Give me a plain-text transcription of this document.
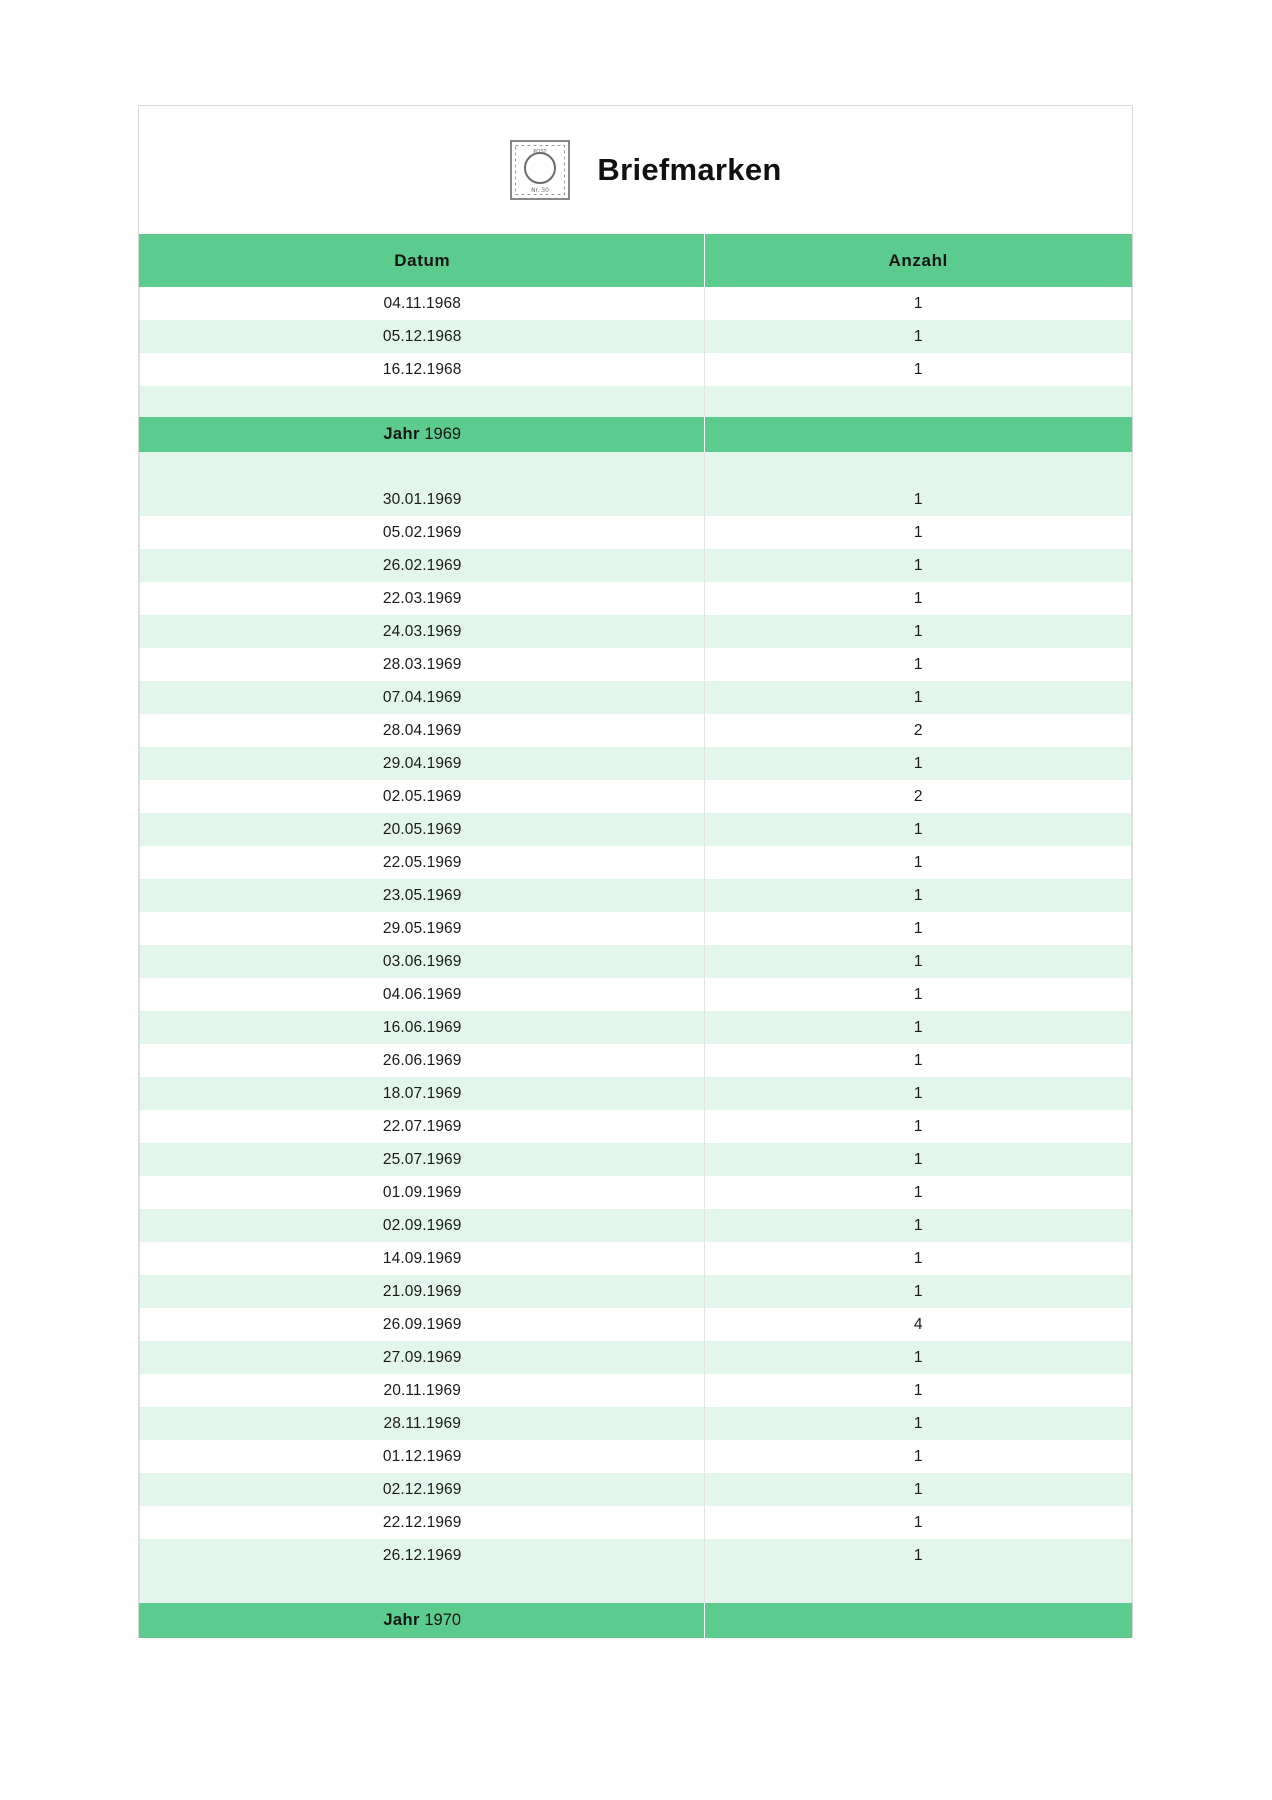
POST
Nr. 30
Briefmarken
Datum	Anzahl

04.11.1968	1

05.12.1968	1

16.12.1968	1

Jahr 1969	

30.01.1969	1

05.02.1969	1

26.02.1969	1

22.03.1969	1

24.03.1969	1

28.03.1969	1

07.04.1969	1

28.04.1969	2

29.04.1969	1

02.05.1969	2

20.05.1969	1

22.05.1969	1

23.05.1969	1

29.05.1969	1

03.06.1969	1

04.06.1969	1

16.06.1969	1

26.06.1969	1

18.07.1969	1

22.07.1969	1

25.07.1969	1

01.09.1969	1

02.09.1969	1

14.09.1969	1

21.09.1969	1

26.09.1969	4

27.09.1969	1

20.11.1969	1

28.11.1969	1

01.12.1969	1

02.12.1969	1

22.12.1969	1

26.12.1969	1

Jahr 1970	
